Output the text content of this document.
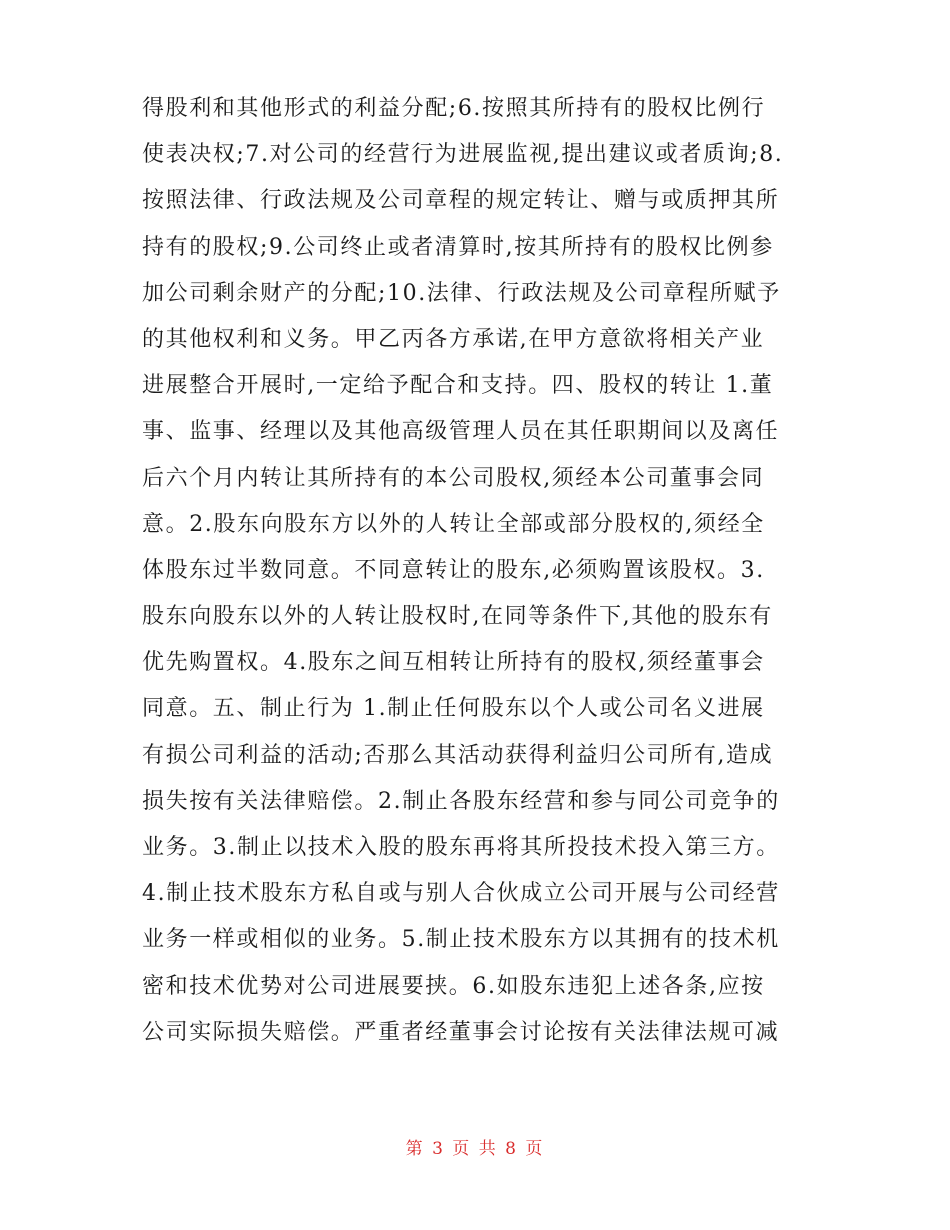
得股利和其他形式的利益分配;6.按照其所持有的股权比例行
使表决权;7.对公司的经营行为进展监视,提出建议或者质询;8.
按照法律、行政法规及公司章程的规定转让、赠与或质押其所
持有的股权;9.公司终止或者清算时,按其所持有的股权比例参
加公司剩余财产的分配;10.法律、行政法规及公司章程所赋予
的其他权利和义务。甲乙丙各方承诺,在甲方意欲将相关产业
进展整合开展时,一定给予配合和支持。四、股权的转让 1.董
事、监事、经理以及其他高级管理人员在其任职期间以及离任
后六个月内转让其所持有的本公司股权,须经本公司董事会同
意。2.股东向股东方以外的人转让全部或部分股权的,须经全
体股东过半数同意。不同意转让的股东,必须购置该股权。3.
股东向股东以外的人转让股权时,在同等条件下,其他的股东有
优先购置权。4.股东之间互相转让所持有的股权,须经董事会
同意。五、制止行为 1.制止任何股东以个人或公司名义进展
有损公司利益的活动;否那么其活动获得利益归公司所有,造成
损失按有关法律赔偿。2.制止各股东经营和参与同公司竞争的
业务。3.制止以技术入股的股东再将其所投技术投入第三方。
4.制止技术股东方私自或与别人合伙成立公司开展与公司经营
业务一样或相似的业务。5.制止技术股东方以其拥有的技术机
密和技术优势对公司进展要挟。6.如股东违犯上述各条,应按
公司实际损失赔偿。严重者经董事会讨论按有关法律法规可减
第 3 页 共 8 页
